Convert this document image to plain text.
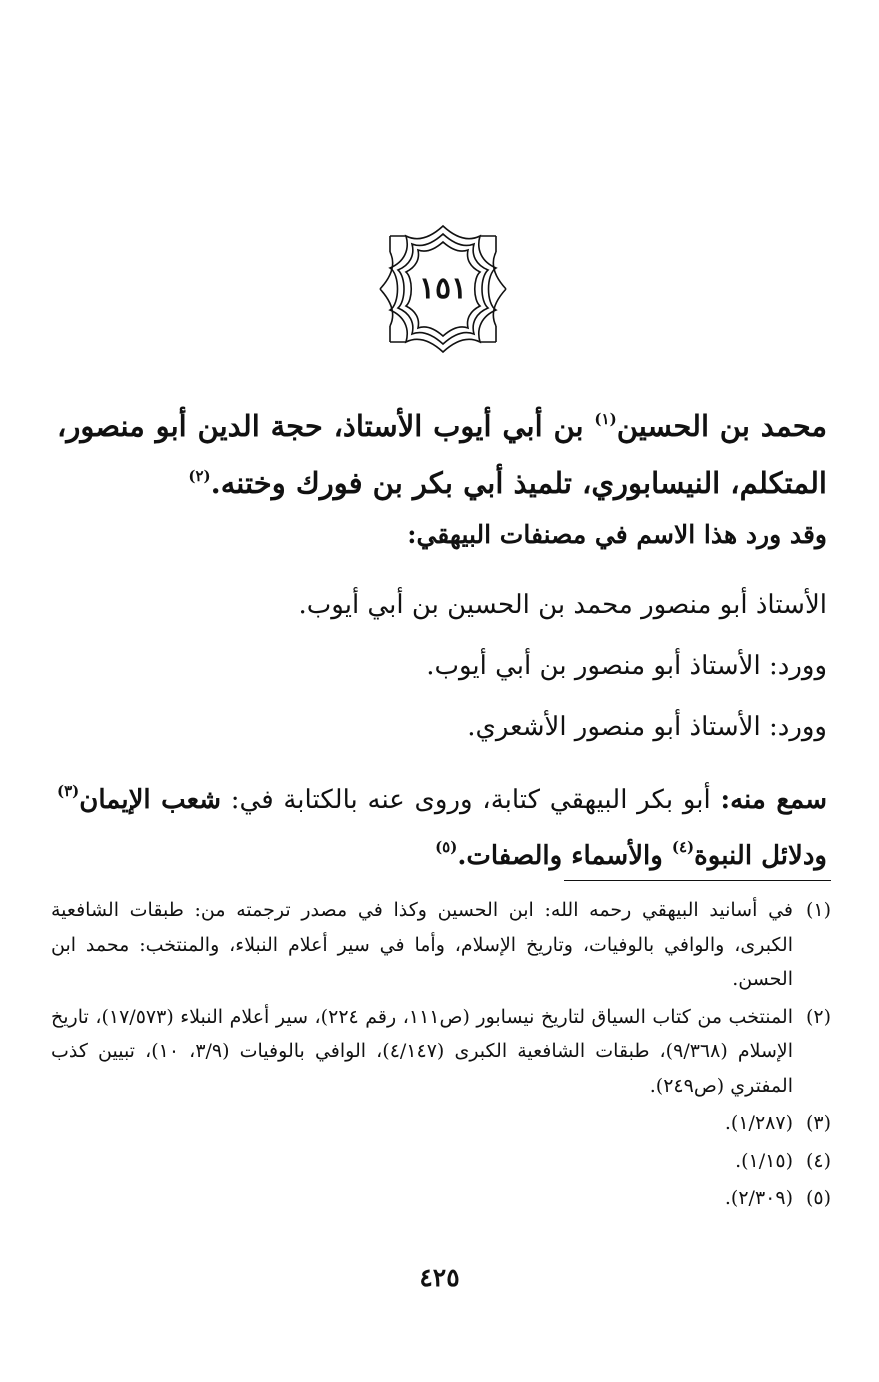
١٥١
محمد بن الحسين$^{(١)}$ بن أبي أيوب الأستاذ، حجة الدين أبو منصور، المتكلم، النيسابوري، تلميذ أبي بكر بن فورك وختنه.$^{(٢)}$
وقد ورد هذا الاسم في مصنفات البيهقي:
الأستاذ أبو منصور محمد بن الحسين بن أبي أيوب.
وورد: الأستاذ أبو منصور بن أبي أيوب.
وورد: الأستاذ أبو منصور الأشعري.
سمع منه: أبو بكر البيهقي كتابة، وروى عنه بالكتابة في: شعب الإيمان$^{(٣)}$ ودلائل النبوة$^{(٤)}$ والأسماء والصفات.$^{(٥)}$
(١)
في أسانيد البيهقي رحمه الله: ابن الحسين وكذا في مصدر ترجمته من: طبقات الشافعية الكبرى، والوافي بالوفيات، وتاريخ الإسلام، وأما في سير أعلام النبلاء، والمنتخب: محمد ابن الحسن.
(٢)
المنتخب من كتاب السياق لتاريخ نيسابور (ص١١١، رقم ٢٢٤)، سير أعلام النبلاء (١٧/٥٧٣)، تاريخ الإسلام (٩/٣٦٨)، طبقات الشافعية الكبرى (٤/١٤٧)، الوافي بالوفيات (٣/٩، ١٠)، تبيين كذب المفتري (ص٢٤٩).
(٣)
(١/٢٨٧).
(٤)
(١/١٥).
(٥)
(٢/٣٠٩).
٤٢٥
